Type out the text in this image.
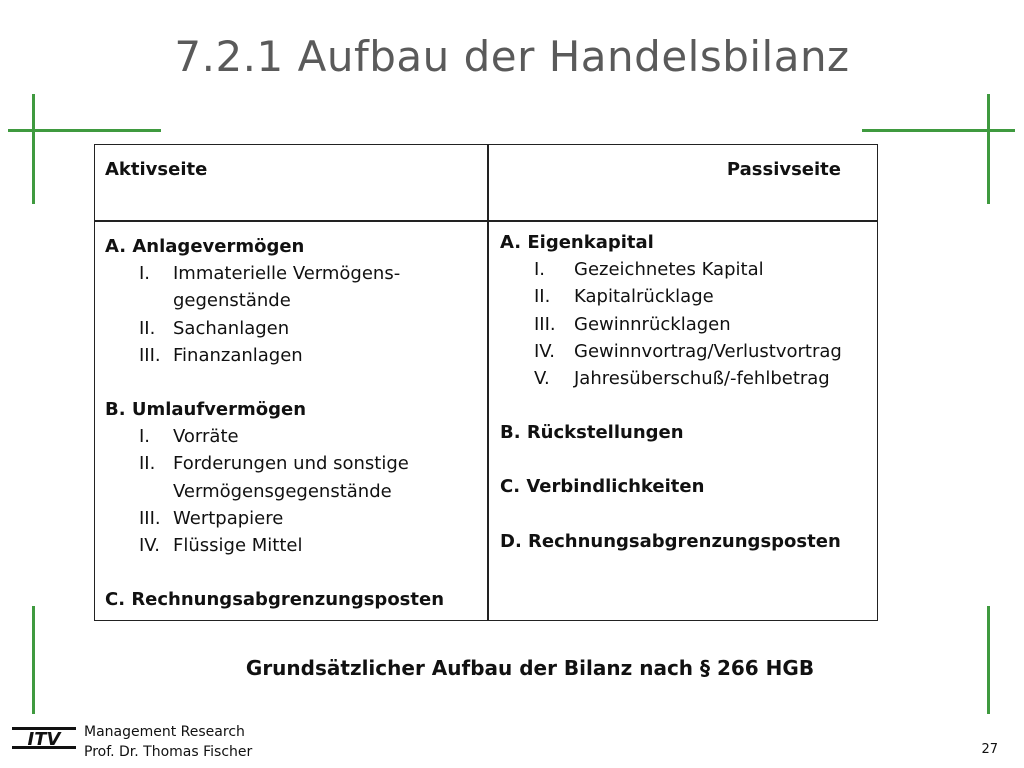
7.2.1 Aufbau der Handelsbilanz
Aktivseite	Passivseite
A. Anlagevermögen
I. Immaterielle Vermögens-
gegenstände
II. Sachanlagen
III. Finanzanlagen
B. Umlaufvermögen
I. Vorräte
II. Forderungen und sonstige
Vermögensgegenstände
III. Wertpapiere
IV. Flüssige Mittel
C. Rechnungsabgrenzungsposten
A. Eigenkapital
I. Gezeichnetes Kapital
II. Kapitalrücklage
III. Gewinnrücklagen
IV. Gewinnvortrag/Verlustvortrag
V. Jahresüberschuß/-fehlbetrag
B. Rückstellungen
C. Verbindlichkeiten
D. Rechnungsabgrenzungsposten
Grundsätzlicher Aufbau der Bilanz nach § 266 HGB
ITV Management Research
Prof. Dr. Thomas Fischer	27
